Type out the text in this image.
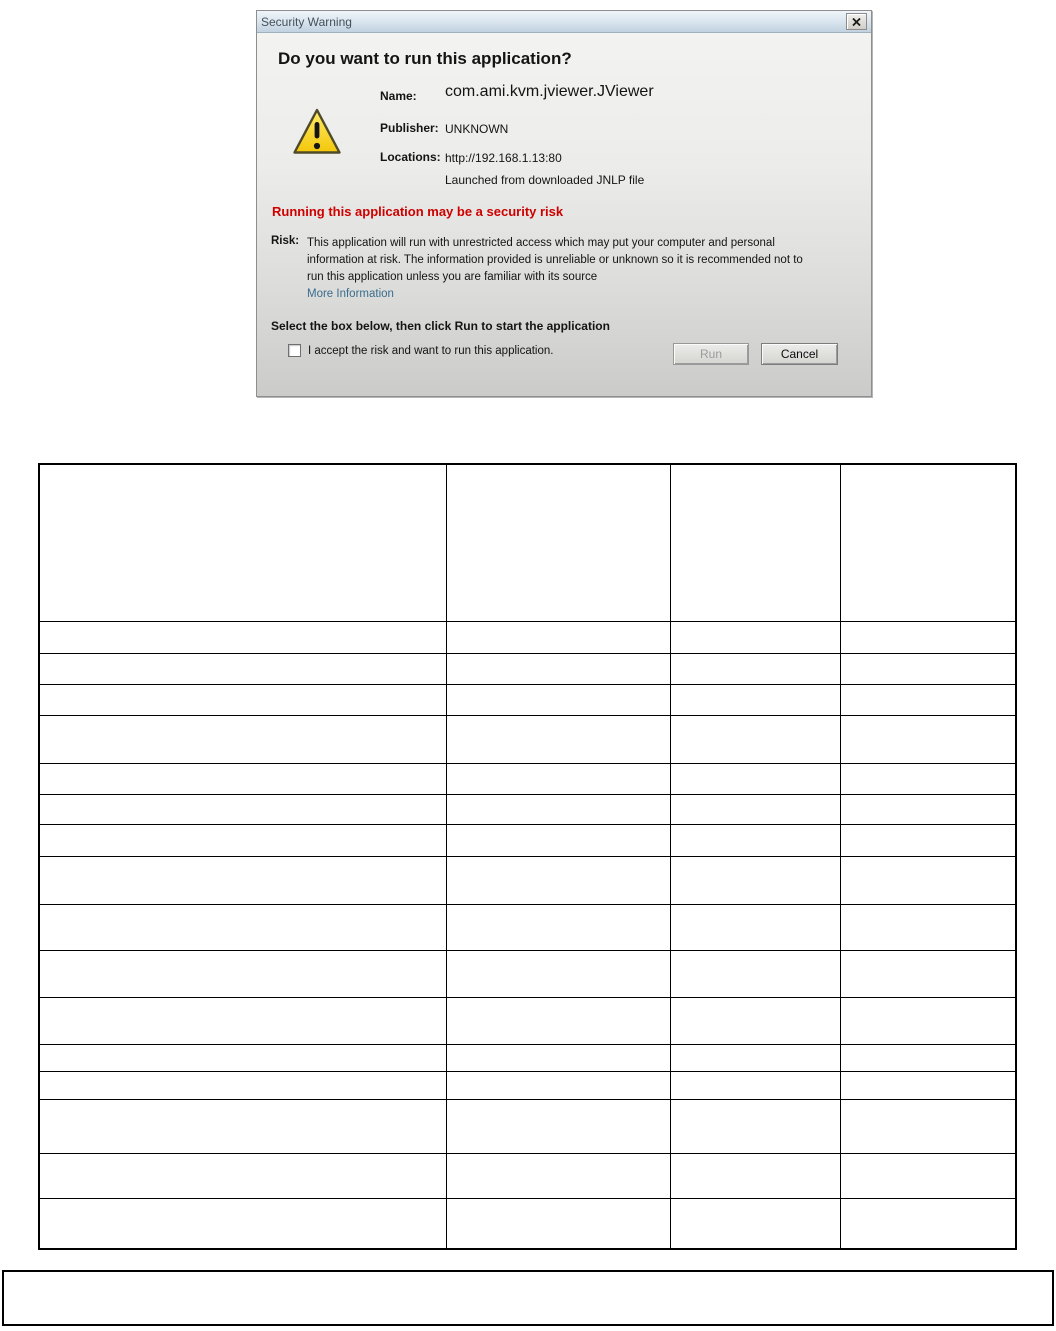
Security Warning
Do you want to run this application?
Name: com.ami.kvm.jviewer.JViewer
Publisher: UNKNOWN
Locations: http://192.168.1.13:80
Launched from downloaded JNLP file
Running this application may be a security risk
Risk: This application will run with unrestricted access which may put your computer and personal
information at risk. The information provided is unreliable or unknown so it is recommended not to
run this application unless you are familiar with its source
More Information
Select the box below, then click Run to start the application
I accept the risk and want to run this application.	Run	Cancel
